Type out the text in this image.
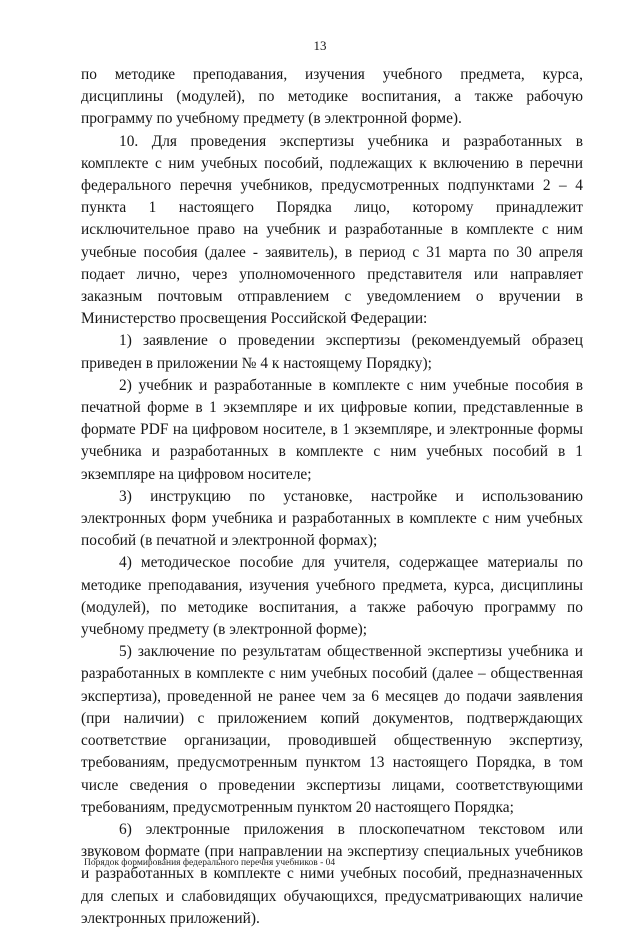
13

по методике преподавания, изучения учебного предмета, курса, дисциплины (модулей), по методике воспитания, а также рабочую программу по учебному предмету (в электронной форме).

10. Для проведения экспертизы учебника и разработанных в комплекте с ним учебных пособий, подлежащих к включению в перечни федерального перечня учебников, предусмотренных подпунктами 2 – 4 пункта 1 настоящего Порядка лицо, которому принадлежит исключительное право на учебник и разработанные в комплекте с ним учебные пособия (далее - заявитель), в период с 31 марта по 30 апреля подает лично, через уполномоченного представителя или направляет заказным почтовым отправлением с уведомлением о вручении в Министерство просвещения Российской Федерации:

1) заявление о проведении экспертизы (рекомендуемый образец приведен в приложении № 4 к настоящему Порядку);

2) учебник и разработанные в комплекте с ним учебные пособия в печатной форме в 1 экземпляре и их цифровые копии, представленные в формате PDF на цифровом носителе, в 1 экземпляре, и электронные формы учебника и разработанных в комплекте с ним учебных пособий в 1 экземпляре на цифровом носителе;

3) инструкцию по установке, настройке и использованию электронных форм учебника и разработанных в комплекте с ним учебных пособий (в печатной и электронной формах);

4) методическое пособие для учителя, содержащее материалы по методике преподавания, изучения учебного предмета, курса, дисциплины (модулей), по методике воспитания, а также рабочую программу по учебному предмету (в электронной форме);

5) заключение по результатам общественной экспертизы учебника и разработанных в комплекте с ним учебных пособий (далее – общественная экспертиза), проведенной не ранее чем за 6 месяцев до подачи заявления (при наличии) с приложением копий документов, подтверждающих соответствие организации, проводившей общественную экспертизу, требованиям, предусмотренным пунктом 13 настоящего Порядка, в том числе сведения о проведении экспертизы лицами, соответствующими требованиям, предусмотренным пунктом 20 настоящего Порядка;

6) электронные приложения в плоскопечатном текстовом или звуковом формате (при направлении на экспертизу специальных учебников и разработанных в комплекте с ними учебных пособий, предназначенных для слепых и слабовидящих обучающихся, предусматривающих наличие электронных приложений).

Порядок формирования федерального перечня учебников - 04
